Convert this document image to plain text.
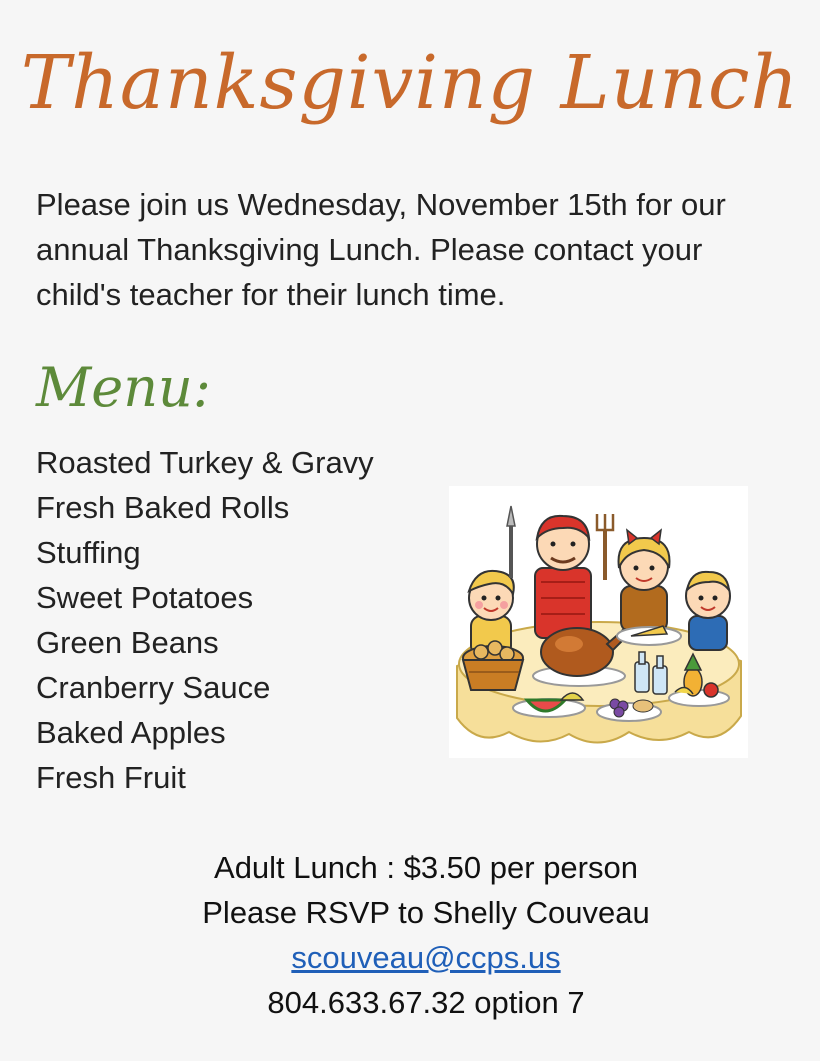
Thanksgiving Lunch
Please join us Wednesday, November 15th for our
annual Thanksgiving Lunch. Please contact your
child's teacher for their lunch time.
Menu:
Roasted Turkey & Gravy
Fresh Baked Rolls
Stuffing
Sweet Potatoes
Green Beans
Cranberry Sauce
Baked Apples
Fresh Fruit
Adult Lunch : $3.50 per person
Please RSVP to Shelly Couveau
scouveau@ccps.us
804.633.67.32 option 7
